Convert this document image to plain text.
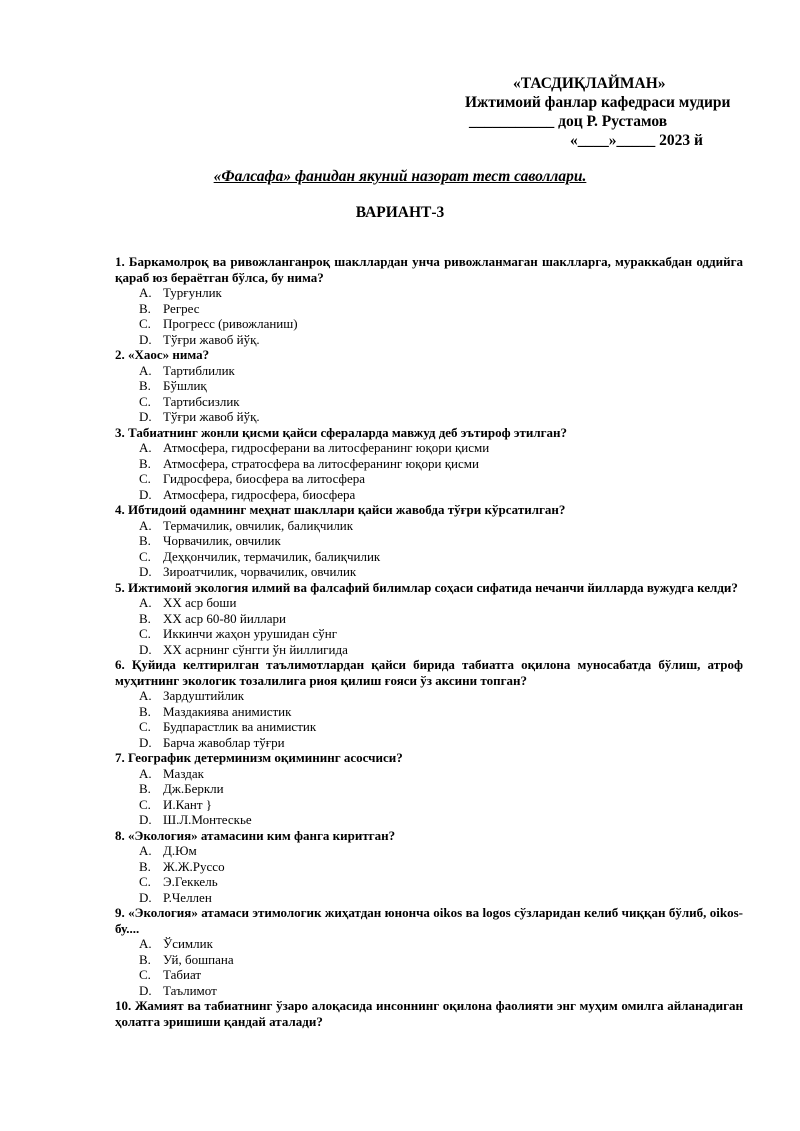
«ТАСДИҚЛАЙМАН»
Ижтимоий фанлар кафедраси мудири
___________ доц Р. Рустамов
«____»_____ 2023 й
«Фалсафа» фанидан якуний назорат тест саволлари.
ВАРИАНТ-3
1. Баркамолроқ ва ривожланганроқ шакллардан унча ривожланмаган шаклларга, мураккабдан оддийга қараб юз бераётган бўлса, бу нима?
A. Турғунлик
B. Регрес
C. Прогресс (ривожланиш)
D. Тўғри жавоб йўқ.
2. «Хаос» нима?
A. Тартиблилик
B. Бўшлиқ
C. Тартибсизлик
D. Тўғри жавоб йўқ.
3. Табиатнинг жонли қисми қайси сфераларда мавжуд деб эътироф этилган?
A. Атмосфера, гидросферани ва литосферанинг юқори қисми
B. Атмосфера, стратосфера ва литосферанинг юқори қисми
C. Гидросфера, биосфера ва литосфера
D. Атмосфера, гидросфера, биосфера
4. Ибтидоий одамнинг меҳнат шакллари қайси жавобда тўғри кўрсатилган?
A. Термачилик, овчилик, балиқчилик
B. Чорвачилик, овчилик
C. Деҳқончилик, термачилик, балиқчилик
D. Зироатчилик, чорвачилик, овчилик
5. Ижтимоий экология илмий ва фалсафий билимлар соҳаси сифатида нечанчи йилларда вужудга келди?
A. XX аср боши
B. XX аср 60-80 йиллари
C. Иккинчи жаҳон урушидан сўнг
D. XX асрнинг сўнгги ўн йиллигида
6. Қуйида келтирилган таълимотлардан қайси бирида табиатга оқилона муносабатда бўлиш, атроф муҳитнинг экологик тозалилига риоя қилиш ғояси ўз аксини топган?
A. Зардуштийлик
B. Маздакиява анимистик
C. Будпарастлик ва анимистик
D. Барча жавоблар тўғри
7. Географик детерминизм оқимининг асосчиси?
A. Маздак
B. Дж.Беркли
C. И.Кант }
D. Ш.Л.Монтескье
8. «Экология» атамасини ким фанга киритган?
A. Д.Юм
B. Ж.Ж.Руссо
C. Э.Геккель
D. Р.Челлен
9. «Экология» атамаси этимологик жиҳатдан юнонча oikos ва logos сўзларидан келиб чиққан бўлиб, oikos-бу....
A. Ўсимлик
B. Уй, бошпана
C. Табиат
D. Таълимот
10. Жамият ва табиатнинг ўзаро алоқасида инсоннинг оқилона фаолияти энг муҳим омилга айланадиган ҳолатга эришиши қандай аталади?
